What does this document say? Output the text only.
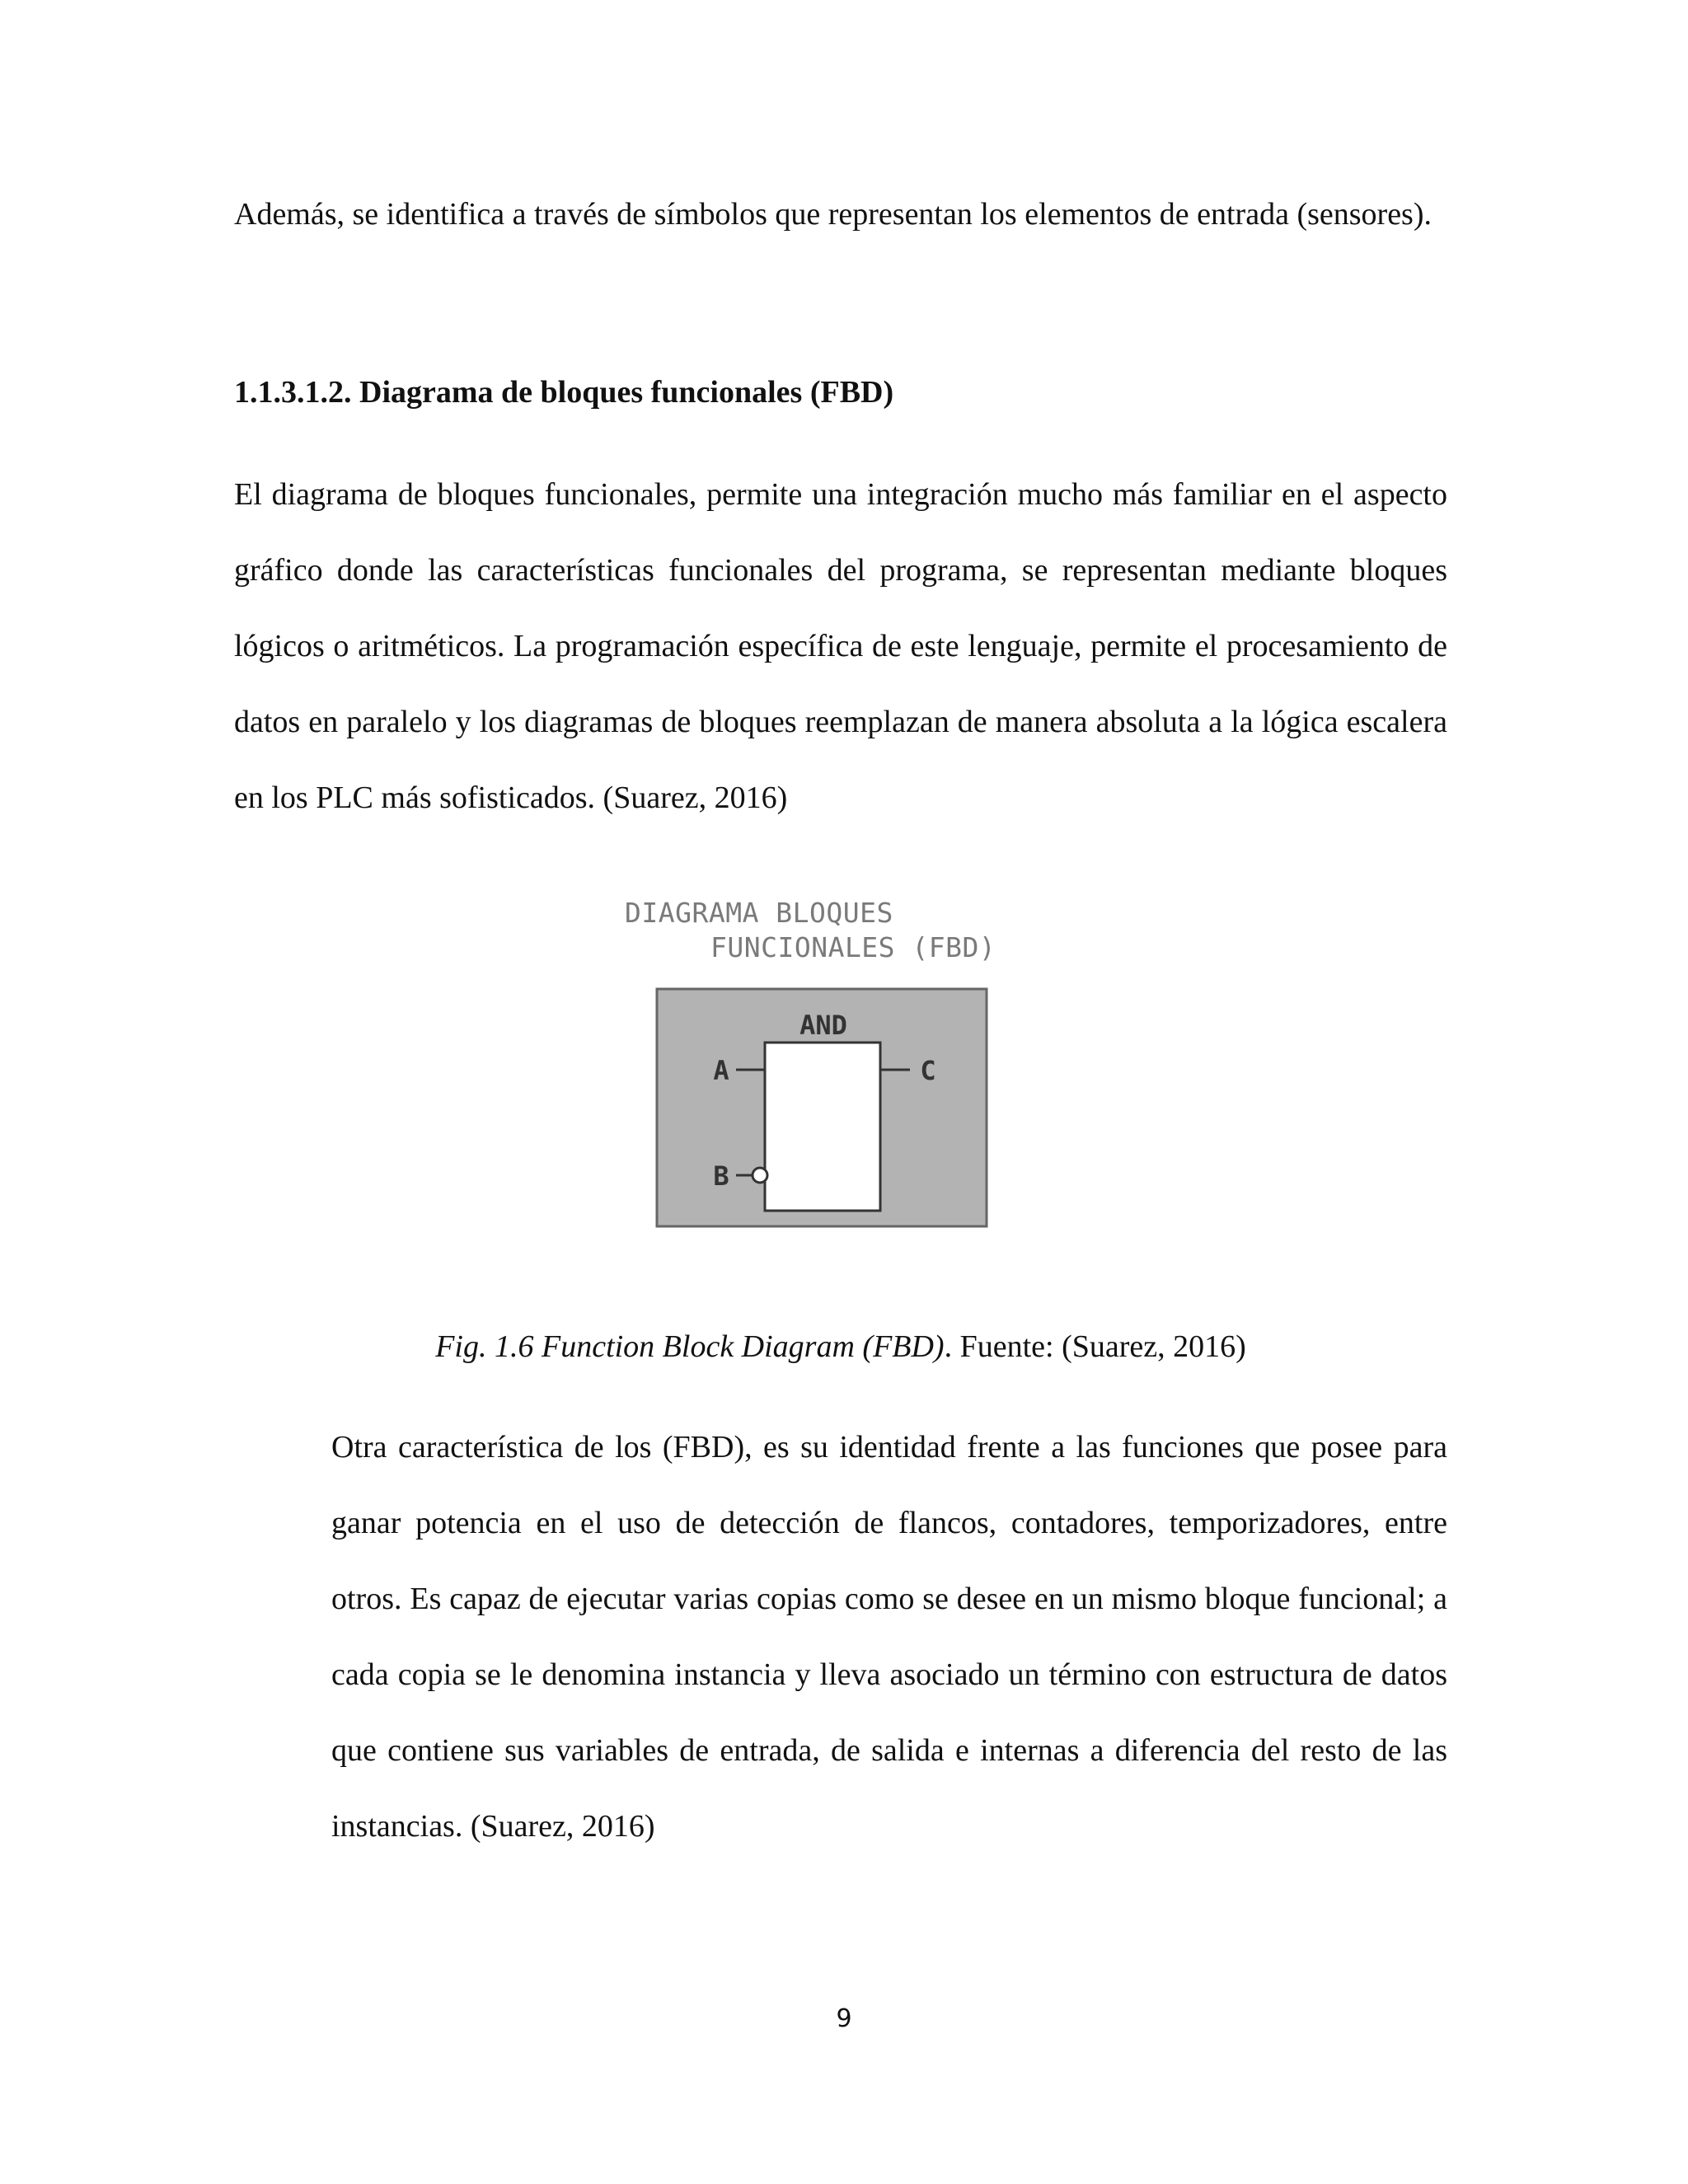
Además, se identifica a través de símbolos que representan los elementos de entrada (sensores).

1.1.3.1.2. Diagrama de bloques funcionales (FBD)

El diagrama de bloques funcionales, permite una integración mucho más familiar en el aspecto gráfico donde las características funcionales del programa, se representan mediante bloques lógicos o aritméticos. La programación específica de este lenguaje, permite el procesamiento de datos en paralelo y los diagramas de bloques reemplazan de manera absoluta a la lógica escalera en los PLC más sofisticados. (Suarez, 2016)

AND
A
B
C

DIAGRAMA BLOQUES

FUNCIONALES (FBD)

Fig. 1.6 Function Block Diagram (FBD). Fuente: (Suarez, 2016)

Otra característica de los (FBD), es su identidad frente a las funciones que posee para ganar potencia en el uso de detección de flancos, contadores, temporizadores, entre otros. Es capaz de ejecutar varias copias como se desee en un mismo bloque funcional; a cada copia se le denomina instancia y lleva asociado un término con estructura de datos que contiene sus variables de entrada, de salida e internas a diferencia del resto de las instancias. (Suarez, 2016)

9
